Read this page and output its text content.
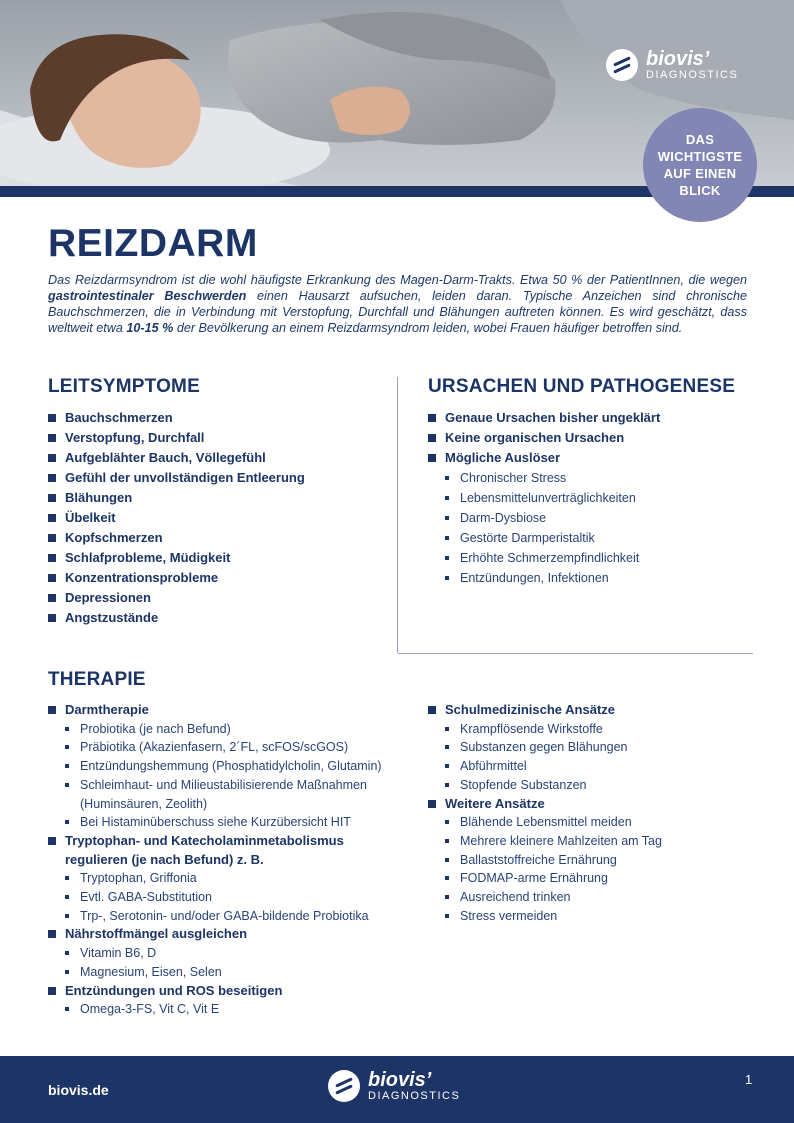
biovis’
DIAGNOSTICS
DAS
WICHTIGSTE
AUF EINEN
BLICK
REIZDARM

Das Reizdarmsyndrom ist die wohl häufigste Erkrankung des Magen-Darm-Trakts. Etwa 50 % der PatientInnen, die wegen gastrointestinaler Beschwerden einen Hausarzt aufsuchen, leiden daran. Typische Anzeichen sind chronische Bauchschmerzen, die in Verbindung mit Verstopfung, Durchfall und Blähungen auftreten können. Es wird geschätzt, dass weltweit etwa 10-15 % der Bevölkerung an einem Reizdarmsyndrom leiden, wobei Frauen häufiger betroffen sind.

LEITSYMPTOME
Bauchschmerzen
Verstopfung, Durchfall
Aufgeblähter Bauch, Völlegefühl
Gefühl der unvollständigen Entleerung
Blähungen
Übelkeit
Kopfschmerzen
Schlafprobleme, Müdigkeit
Konzentrationsprobleme
Depressionen
Angstzustände
URSACHEN UND PATHOGENESE
Genaue Ursachen bisher ungeklärt
Keine organischen Ursachen
Mögliche Auslöser
Chronischer Stress
Lebensmittelunverträglichkeiten
Darm-Dysbiose
Gestörte Darmperistaltik
Erhöhte Schmerzempfindlichkeit
Entzündungen, Infektionen
THERAPIE
Darmtherapie
Probiotika (je nach Befund)
Präbiotika (Akazienfasern, 2´FL, scFOS/scGOS)
Entzündungshemmung (Phosphatidylcholin, Glutamin)
Schleimhaut- und Milieustabilisierende Maßnahmen
(Huminsäuren, Zeolith)
Bei Histaminüberschuss siehe Kurzübersicht HIT
Tryptophan- und Katecholaminmetabolismus
regulieren (je nach Befund) z. B.
Tryptophan, Griffonia
Evtl. GABA-Substitution
Trp-, Serotonin- und/oder GABA-bildende Probiotika
Nährstoffmängel ausgleichen
Vitamin B6, D
Magnesium, Eisen, Selen
Entzündungen und ROS beseitigen
Omega-3-FS, Vit C, Vit E
Schulmedizinische Ansätze
Krampflösende Wirkstoffe
Substanzen gegen Blähungen
Abführmittel
Stopfende Substanzen
Weitere Ansätze
Blähende Lebensmittel meiden
Mehrere kleinere Mahlzeiten am Tag
Ballaststoffreiche Ernährung
FODMAP-arme Ernährung
Ausreichend trinken
Stress vermeiden
biovis.de	biovis’
DIAGNOSTICS
1
